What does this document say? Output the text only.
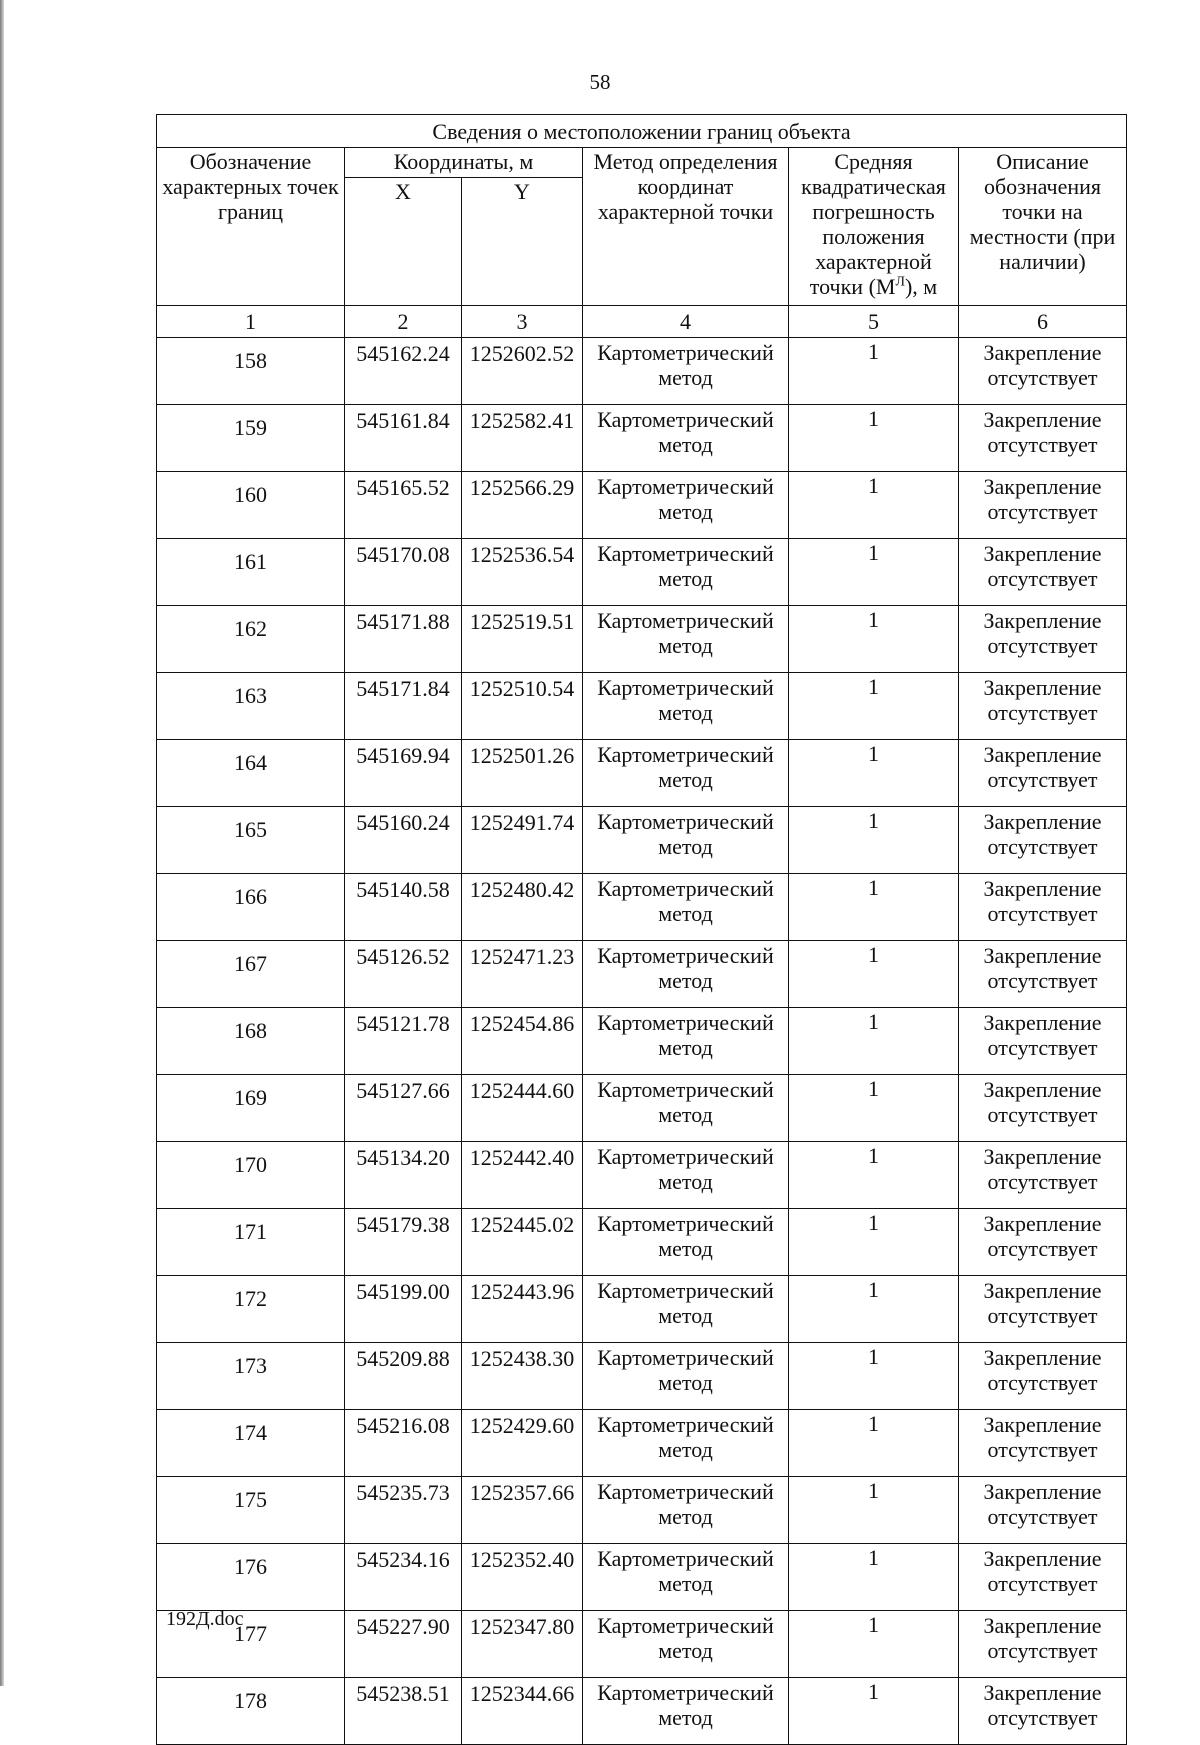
58
Сведения о местоположении границ объекта					
Обозначение характерных точек границ	Координаты, м		Метод определения координат характерной точки	Средняя квадратическая погрешность положения характерной точки $(М^Л)$, м	Описание обозначения точки на местности (при наличии)
	X	Y			
1	2	3	4	5	6
158	545162.24	1252602.52	Картометрический метод	1	Закрепление отсутствует
159	545161.84	1252582.41	Картометрический метод	1	Закрепление отсутствует
160	545165.52	1252566.29	Картометрический метод	1	Закрепление отсутствует
161	545170.08	1252536.54	Картометрический метод	1	Закрепление отсутствует
162	545171.88	1252519.51	Картометрический метод	1	Закрепление отсутствует
163	545171.84	1252510.54	Картометрический метод	1	Закрепление отсутствует
164	545169.94	1252501.26	Картометрический метод	1	Закрепление отсутствует
165	545160.24	1252491.74	Картометрический метод	1	Закрепление отсутствует
166	545140.58	1252480.42	Картометрический метод	1	Закрепление отсутствует
167	545126.52	1252471.23	Картометрический метод	1	Закрепление отсутствует
168	545121.78	1252454.86	Картометрический метод	1	Закрепление отсутствует
169	545127.66	1252444.60	Картометрический метод	1	Закрепление отсутствует
170	545134.20	1252442.40	Картометрический метод	1	Закрепление отсутствует
171	545179.38	1252445.02	Картометрический метод	1	Закрепление отсутствует
172	545199.00	1252443.96	Картометрический метод	1	Закрепление отсутствует
173	545209.88	1252438.30	Картометрический метод	1	Закрепление отсутствует
174	545216.08	1252429.60	Картометрический метод	1	Закрепление отсутствует
175	545235.73	1252357.66	Картометрический метод	1	Закрепление отсутствует
176	545234.16	1252352.40	Картометрический метод	1	Закрепление отсутствует
177	545227.90	1252347.80	Картометрический метод	1	Закрепление отсутствует
178	545238.51	1252344.66	Картометрический метод	1	Закрепление отсутствует
192Д.doc
